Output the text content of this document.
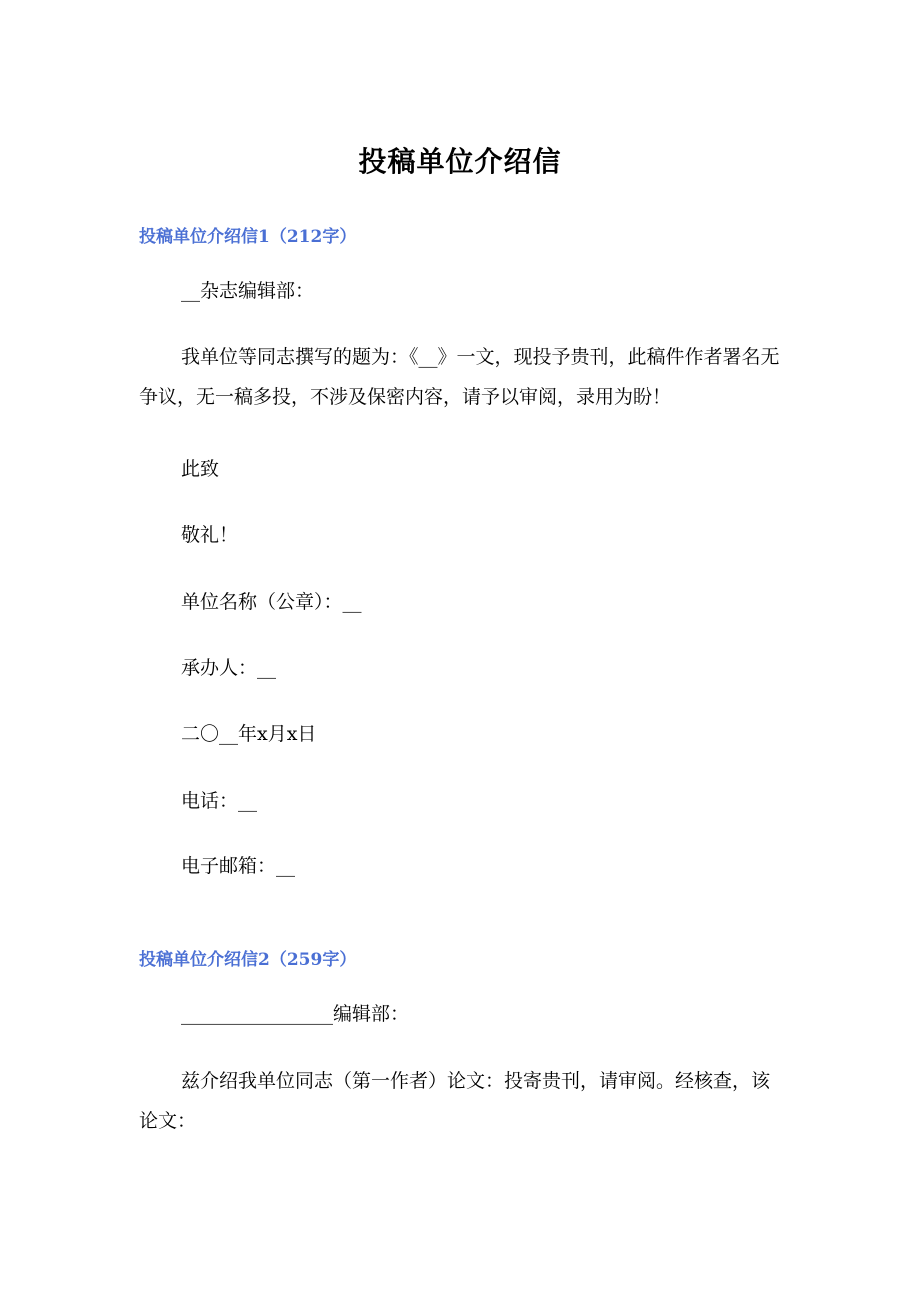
投稿单位介绍信
投稿单位介绍信1（212字）
__杂志编辑部：
我单位等同志撰写的题为：《__》一文，现投予贵刊，此稿件作者署名无争议，无一稿多投，不涉及保密内容，请予以审阅，录用为盼！
此致
敬礼！
单位名称（公章）：__
承办人：__
二〇__年x月x日
电话：__
电子邮箱：__
投稿单位介绍信2（259字）
________________编辑部：
兹介绍我单位同志（第一作者）论文：投寄贵刊，请审阅。经核查，该论文：
